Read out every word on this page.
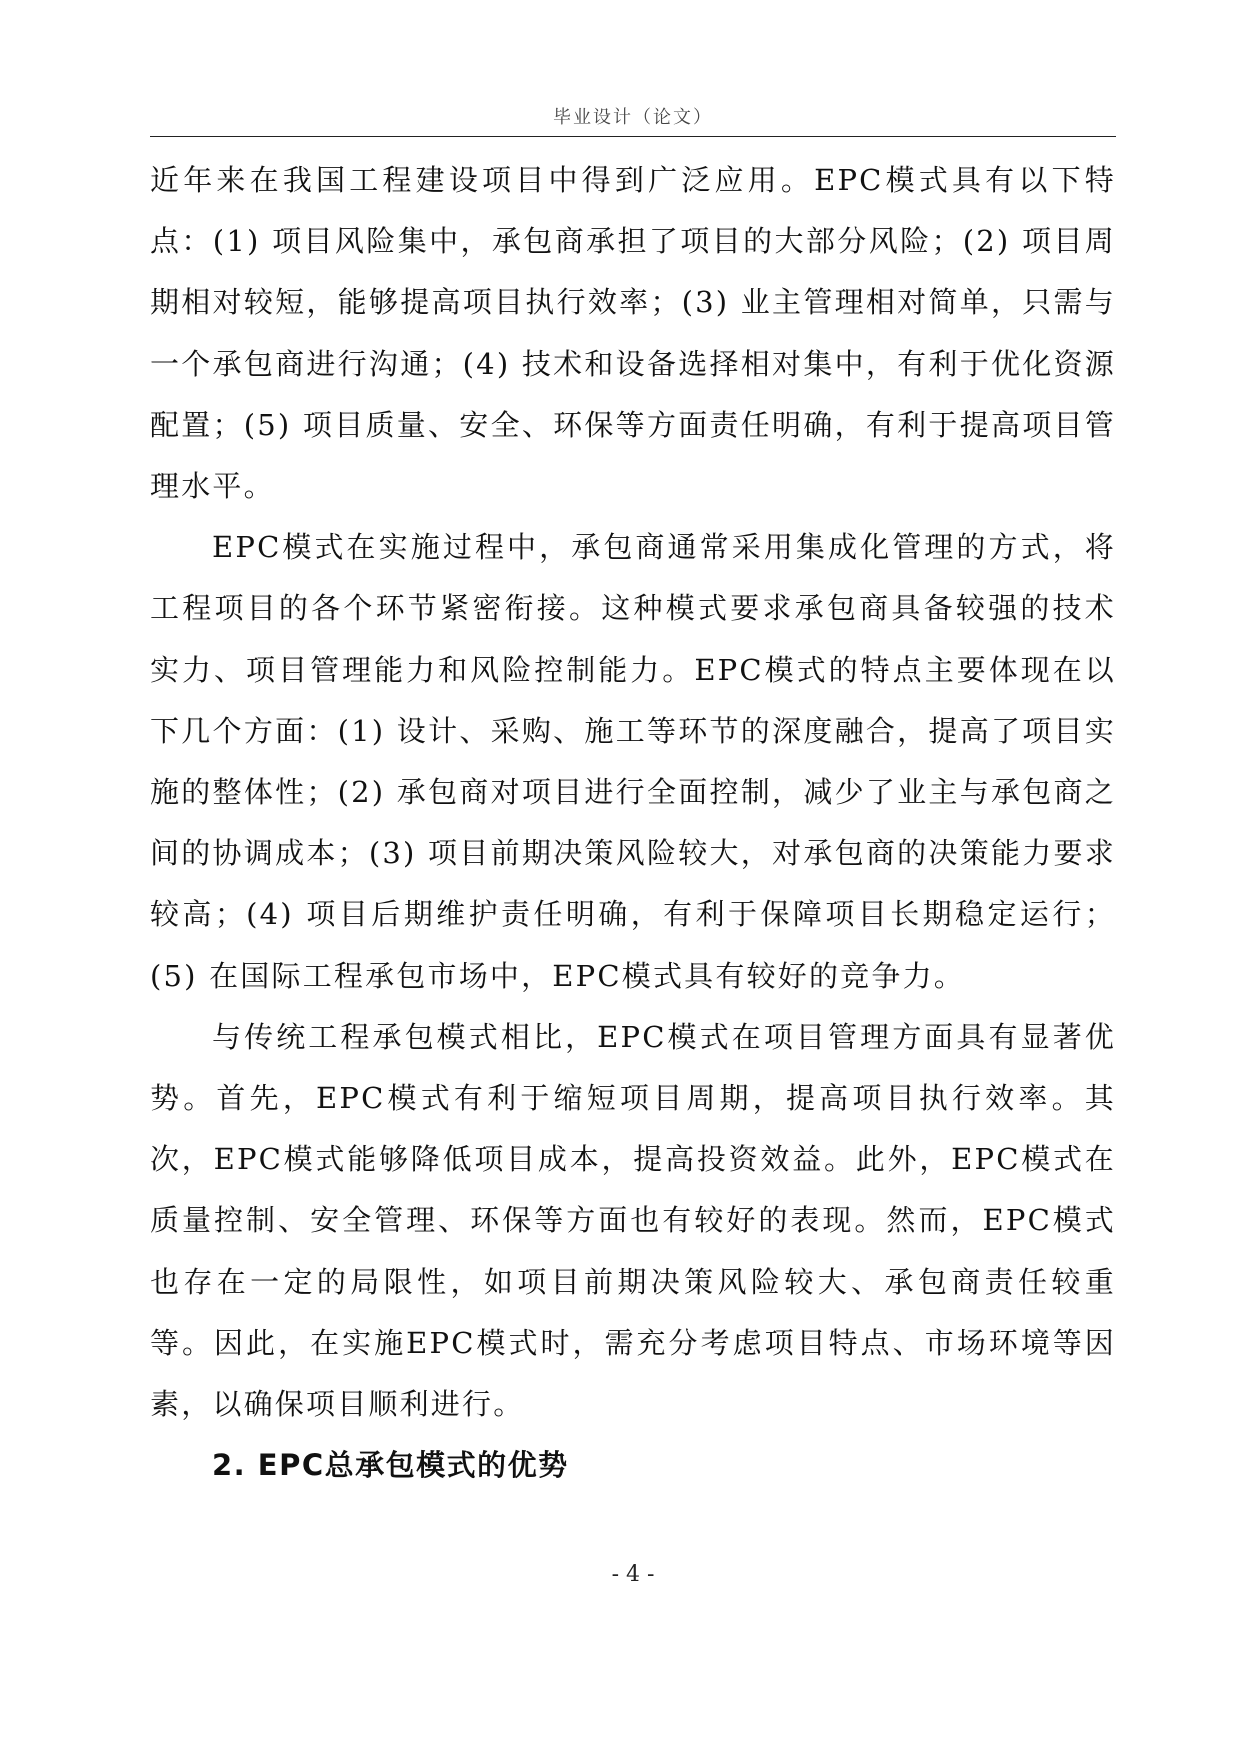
毕业设计（论文）

近年来在我国工程建设项目中得到广泛应用。EPC模式具有以下特点：(1) 项目风险集中，承包商承担了项目的大部分风险；(2) 项目周期相对较短，能够提高项目执行效率；(3) 业主管理相对简单，只需与一个承包商进行沟通；(4) 技术和设备选择相对集中，有利于优化资源配置；(5) 项目质量、安全、环保等方面责任明确，有利于提高项目管理水平。

EPC模式在实施过程中，承包商通常采用集成化管理的方式，将工程项目的各个环节紧密衔接。这种模式要求承包商具备较强的技术实力、项目管理能力和风险控制能力。EPC模式的特点主要体现在以下几个方面：(1) 设计、采购、施工等环节的深度融合，提高了项目实施的整体性；(2) 承包商对项目进行全面控制，减少了业主与承包商之间的协调成本；(3) 项目前期决策风险较大，对承包商的决策能力要求较高；(4) 项目后期维护责任明确，有利于保障项目长期稳定运行；(5) 在国际工程承包市场中，EPC模式具有较好的竞争力。

与传统工程承包模式相比，EPC模式在项目管理方面具有显著优势。首先，EPC模式有利于缩短项目周期，提高项目执行效率。其次，EPC模式能够降低项目成本，提高投资效益。此外，EPC模式在质量控制、安全管理、环保等方面也有较好的表现。然而，EPC模式也存在一定的局限性，如项目前期决策风险较大、承包商责任较重等。因此，在实施EPC模式时，需充分考虑项目特点、市场环境等因素，以确保项目顺利进行。

2. EPC总承包模式的优势
- 4 -
